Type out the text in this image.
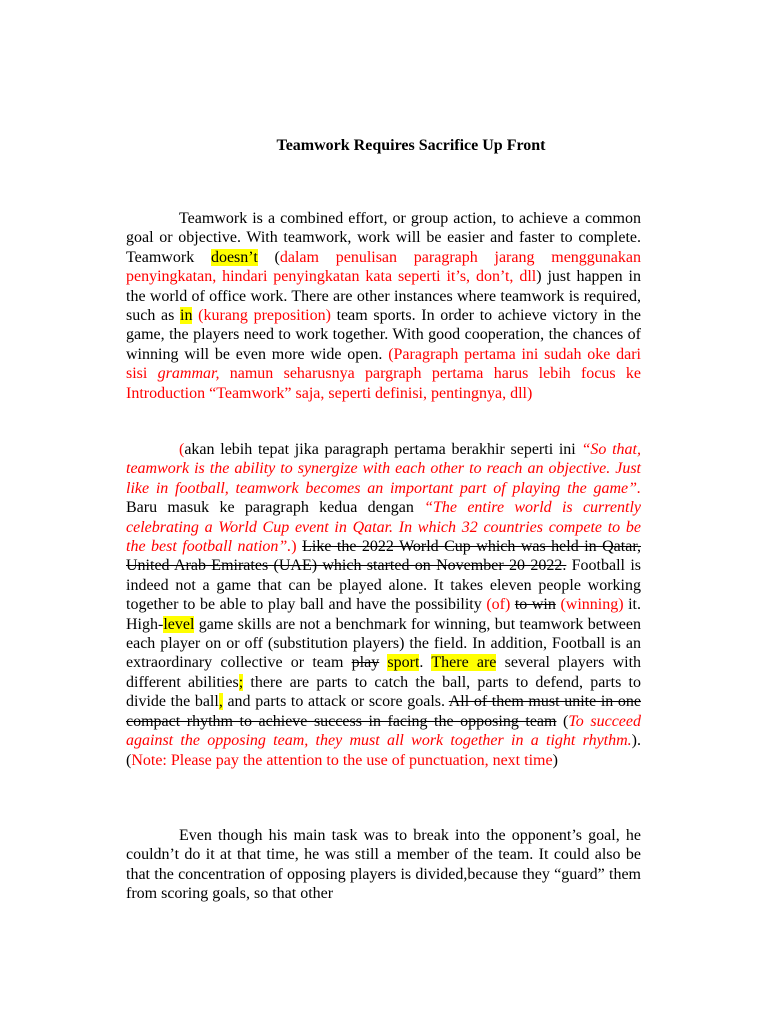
Teamwork Requires Sacrifice Up Front

Teamwork is a combined effort, or group action, to achieve a common goal or objective. With teamwork, work will be easier and faster to complete. Teamwork doesn’t (dalam penulisan paragraph jarang menggunakan penyingkatan, hindari penyingkatan kata seperti it’s, don’t, dll) just happen in the world of office work. There are other instances where teamwork is required, such as in (kurang preposition) team sports. In order to achieve victory in the game, the players need to work together. With good cooperation, the chances of winning will be even more wide open. (Paragraph pertama ini sudah oke dari sisi grammar, namun seharusnya pargraph pertama harus lebih focus ke Introduction “Teamwork” saja, seperti definisi, pentingnya, dll)

(akan lebih tepat jika paragraph pertama berakhir seperti ini “So that, teamwork is the ability to synergize with each other to reach an objective. Just like in football, teamwork becomes an important part of playing the game”. Baru masuk ke paragraph kedua dengan “The entire world is currently celebrating a World Cup event in Qatar. In which 32 countries compete to be the best football nation”.) Like the 2022 World Cup which was held in Qatar, United Arab Emirates (UAE) which started on November 20 2022. Football is indeed not a game that can be played alone. It takes eleven people working together to be able to play ball and have the possibility (of) to win (winning) it. High-level game skills are not a benchmark for winning, but teamwork between each player on or off (substitution players) the field. In addition, Football is an extraordinary collective or team play sport. There are several players with different abilities; there are parts to catch the ball, parts to defend, parts to divide the ball, and parts to attack or score goals. All of them must unite in one compact rhythm to achieve success in facing the opposing team (To succeed against the opposing team, they must all work together in a tight rhythm.). (Note: Please pay the attention to the use of punctuation, next time)

Even though his main task was to break into the opponent’s goal, he couldn’t do it at that time, he was still a member of the team. It could also be that the concentration of opposing players is divided,because they “guard” them from scoring goals, so that other
